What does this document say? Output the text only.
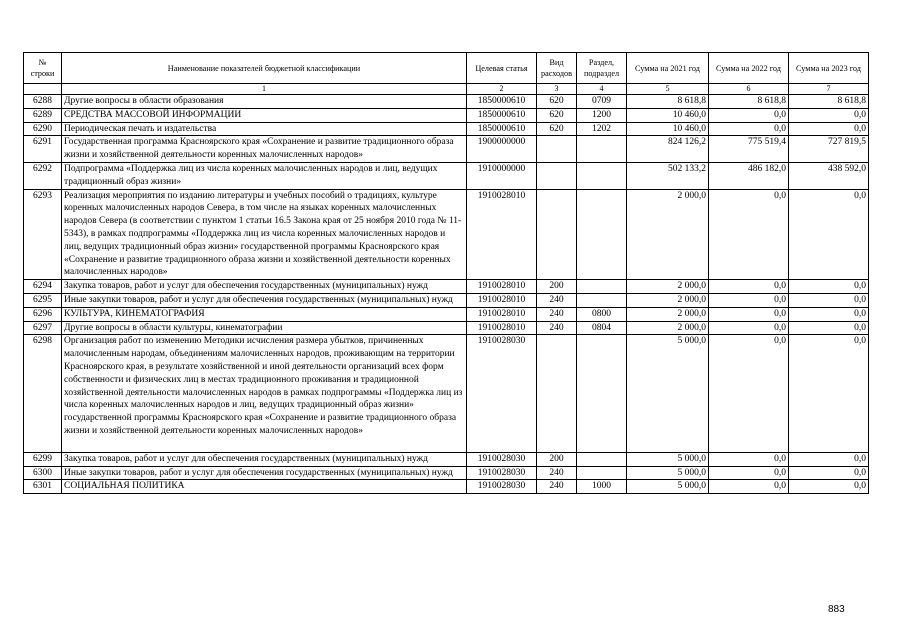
№ строки	Наименование показателей бюджетной классификации	Целевая статья	Вид расходов	Раздел, подраздел	Сумма на 2021 год	Сумма на 2022 год	Сумма на 2023 год
	1	2	3	4	5	6	7
6288	Другие вопросы в области образования	1850000610	620	0709	8 618,8	8 618,8	8 618,8
6289	СРЕДСТВА МАССОВОЙ ИНФОРМАЦИИ	1850000610	620	1200	10 460,0	0,0	0,0
6290	Периодическая печать и издательства	1850000610	620	1202	10 460,0	0,0	0,0
6291	Государственная программа Красноярского края «Сохранение и развитие традиционного образа жизни и хозяйственной деятельности коренных малочисленных народов»	1900000000			824 126,2	775 519,4	727 819,5
6292	Подпрограмма «Поддержка лиц из числа коренных малочисленных народов и лиц, ведущих традиционный образ жизни»	1910000000			502 133,2	486 182,0	438 592,0
6293	Реализация мероприятия по изданию литературы и учебных пособий о традициях, культуре коренных малочисленных народов Севера, в том числе на языках коренных малочисленных народов Севера (в соответствии с пунктом 1 статьи 16.5 Закона края от 25 ноября 2010 года № 11-5343), в рамках подпрограммы «Поддержка лиц из числа коренных малочисленных народов и лиц, ведущих традиционный образ жизни» государственной программы Красноярского края «Сохранение и развитие традиционного образа жизни и хозяйственной деятельности коренных малочисленных народов»	1910028010			2 000,0	0,0	0,0
6294	Закупка товаров, работ и услуг для обеспечения государственных (муниципальных) нужд	1910028010	200		2 000,0	0,0	0,0
6295	Иные закупки товаров, работ и услуг для обеспечения государственных (муниципальных) нужд	1910028010	240		2 000,0	0,0	0,0
6296	КУЛЬТУРА, КИНЕМАТОГРАФИЯ	1910028010	240	0800	2 000,0	0,0	0,0
6297	Другие вопросы в области культуры, кинематографии	1910028010	240	0804	2 000,0	0,0	0,0
6298	Организация работ по изменению Методики исчисления размера убытков, причиненных малочисленным народам, объединениям малочисленных народов, проживающим на территории Красноярского края, в результате хозяйственной и иной деятельности организаций всех форм собственности и физических лиц в местах традиционного проживания и традиционной хозяйственной деятельности малочисленных народов в рамках подпрограммы «Поддержка лиц из числа коренных малочисленных народов и лиц, ведущих традиционный образ жизни» государственной программы Красноярского края «Сохранение и развитие традиционного образа жизни и хозяйственной деятельности коренных малочисленных народов»	1910028030			5 000,0	0,0	0,0
6299	Закупка товаров, работ и услуг для обеспечения государственных (муниципальных) нужд	1910028030	200		5 000,0	0,0	0,0
6300	Иные закупки товаров, работ и услуг для обеспечения государственных (муниципальных) нужд	1910028030	240		5 000,0	0,0	0,0
6301	СОЦИАЛЬНАЯ ПОЛИТИКА	1910028030	240	1000	5 000,0	0,0	0,0
883
